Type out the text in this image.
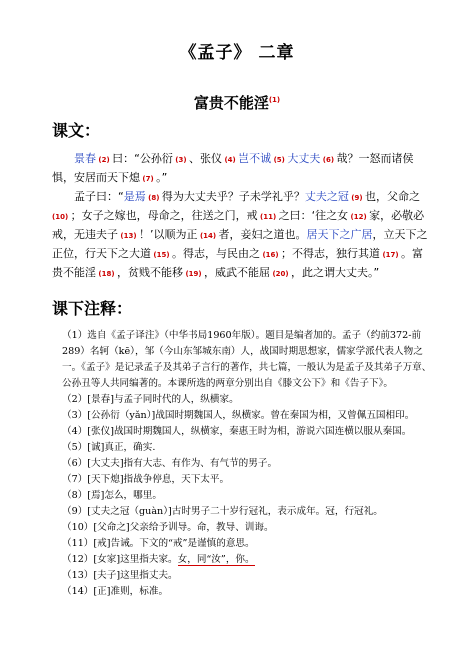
《孟子》 二章
富贵不能淫$^{(1)}$
课文：

景春 (2) 曰：“公孙衍 (3) 、张仪 (4) 岂不诚 (5) 大丈夫 (6) 哉？一怒而诸侯惧，安居而天下熄 (7) 。”

孟子曰：“是焉 (8) 得为大丈夫乎？子未学礼乎？丈夫之冠 (9) 也，父命之 (10) ；女子之嫁也，母命之，往送之门，戒 (11) 之曰：‘往之女 (12) 家，必敬必戒，无违夫子 (13) ！’以顺为正 (14) 者，妾妇之道也。居天下之广居，立天下之正位，行天下之大道 (15) 。得志，与民由之 (16) ；不得志，独行其道 (17) 。富贵不能淫 (18) ，贫贱不能移 (19) ，威武不能屈 (20) ，此之谓大丈夫。”

课下注释：
（1）选自《孟子译注》（中华书局1960年版）。题目是编者加的。孟子（约前372-前289）名轲（kē），邹（今山东邹城东南）人，战国时期思想家，儒家学派代表人物之一。《孟子》是记录孟子及其弟子言行的著作，共七篇，一般认为是孟子及其弟子万章、公孙丑等人共同编著的。本课所选的两章分别出自《滕文公下》和《告子下》。
（2）[景春]与孟子同时代的人，纵横家。
（3）[公孙衍（yǎn）]战国时期魏国人，纵横家。曾在秦国为相，又曾佩五国相印。
（4）[张仪]战国时期魏国人，纵横家，秦惠王时为相，游说六国连横以服从秦国。
（5）[诚]真正，确实.
（6）[大丈夫]指有大志、有作为、有气节的男子。
（7）[天下熄]指战争停息，天下太平。
（8）[焉]怎么，哪里。
（9）[丈夫之冠（guàn）]古时男子二十岁行冠礼，表示成年。冠，行冠礼。
（10）[父命之]父亲给予训导。命，教导、训诲。
（11）[戒]告诫。下文的“戒”是谨慎的意思。
（12）[女家]这里指夫家。女，同“汝”，你。
（13）[夫子]这里指丈夫。
（14）[正]准则，标准。
